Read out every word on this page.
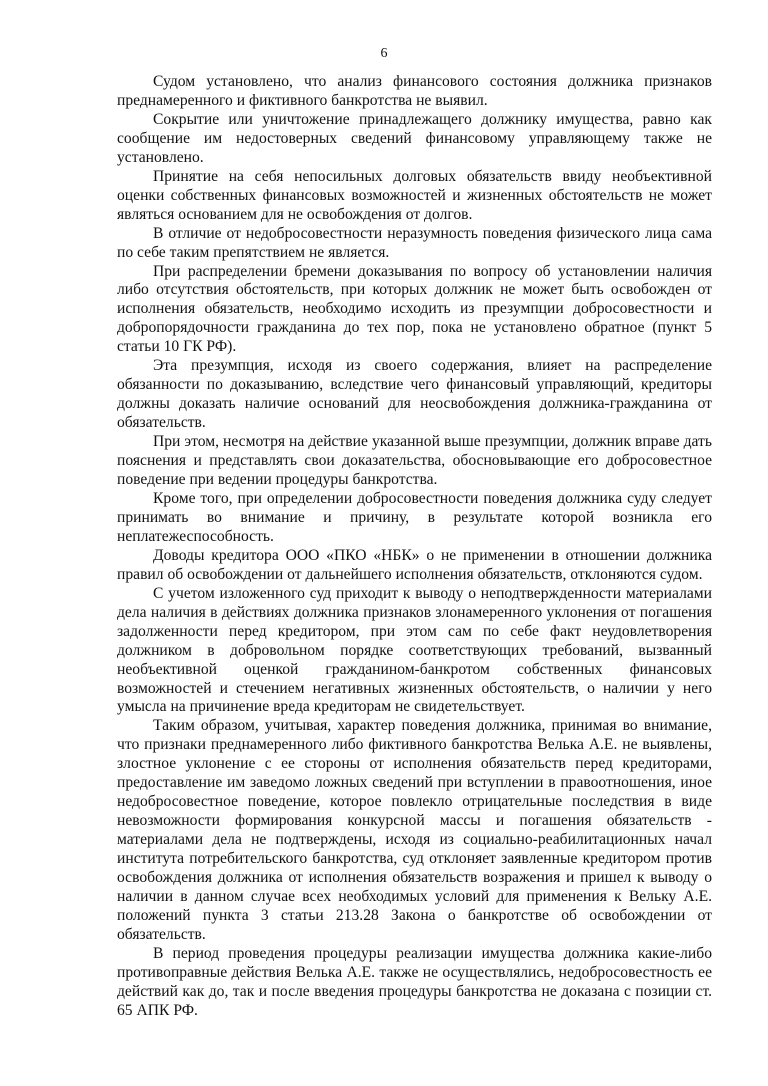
6

Судом установлено, что анализ финансового состояния должника признаков преднамеренного и фиктивного банкротства не выявил.

Сокрытие или уничтожение принадлежащего должнику имущества, равно как сообщение им недостоверных сведений финансовому управляющему также не установлено.

Принятие на себя непосильных долговых обязательств ввиду необъективной оценки собственных финансовых возможностей и жизненных обстоятельств не может являться основанием для не освобождения от долгов.

В отличие от недобросовестности неразумность поведения физического лица сама по себе таким препятствием не является.

При распределении бремени доказывания по вопросу об установлении наличия либо отсутствия обстоятельств, при которых должник не может быть освобожден от исполнения обязательств, необходимо исходить из презумпции добросовестности и добропорядочности гражданина до тех пор, пока не установлено обратное (пункт 5 статьи 10 ГК РФ).

Эта презумпция, исходя из своего содержания, влияет на распределение обязанности по доказыванию, вследствие чего финансовый управляющий, кредиторы должны доказать наличие оснований для неосвобождения должника-гражданина от обязательств.

При этом, несмотря на действие указанной выше презумпции, должник вправе дать пояснения и представлять свои доказательства, обосновывающие его добросовестное поведение при ведении процедуры банкротства.

Кроме того, при определении добросовестности поведения должника суду следует принимать во внимание и причину, в результате которой возникла его неплатежеспособность.

Доводы кредитора ООО «ПКО «НБК» о не применении в отношении должника правил об освобождении от дальнейшего исполнения обязательств, отклоняются судом.

С учетом изложенного суд приходит к выводу о неподтвержденности материалами дела наличия в действиях должника признаков злонамеренного уклонения от погашения задолженности перед кредитором, при этом сам по себе факт неудовлетворения должником в добровольном порядке соответствующих требований, вызванный необъективной оценкой гражданином-банкротом собственных финансовых возможностей и стечением негативных жизненных обстоятельств, о наличии у него умысла на причинение вреда кредиторам не свидетельствует.

Таким образом, учитывая, характер поведения должника, принимая во внимание, что признаки преднамеренного либо фиктивного банкротства Велька А.Е. не выявлены, злостное уклонение с ее стороны от исполнения обязательств перед кредиторами, предоставление им заведомо ложных сведений при вступлении в правоотношения, иное недобросовестное поведение, которое повлекло отрицательные последствия в виде невозможности формирования конкурсной массы и погашения обязательств - материалами дела не подтверждены, исходя из социально-реабилитационных начал института потребительского банкротства, суд отклоняет заявленные кредитором против освобождения должника от исполнения обязательств возражения и пришел к выводу о наличии в данном случае всех необходимых условий для применения к Вельку А.Е. положений пункта 3 статьи 213.28 Закона о банкротстве об освобождении от обязательств.

В период проведения процедуры реализации имущества должника какие-либо противоправные действия Велька А.Е. также не осуществлялись, недобросовестность ее действий как до, так и после введения процедуры банкротства не доказана с позиции ст. 65 АПК РФ.
